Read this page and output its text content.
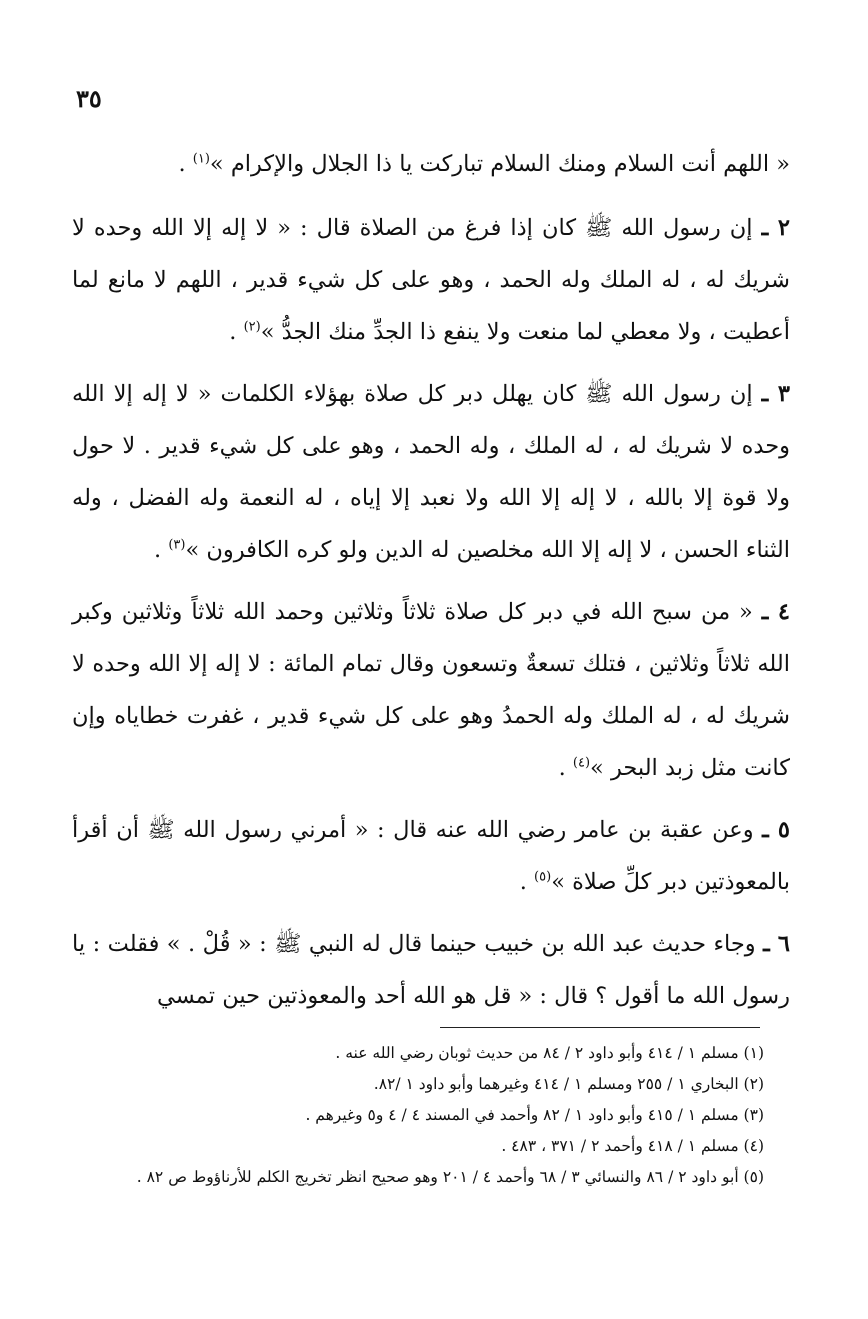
٣٥

« اللهم أنت السلام ومنك السلام تباركت يا ذا الجلال والإكرام »$^{(١)}$ .

٢ ـ إن رسول الله ﷺ كان إذا فرغ من الصلاة قال : « لا إله إلا الله وحده لا شريك له ، له الملك وله الحمد ، وهو على كل شيء قدير ، اللهم لا مانع لما أعطيت ، ولا معطي لما منعت ولا ينفع ذا الجدِّ منك الجدُّ »$^{(٢)}$ .

٣ ـ إن رسول الله ﷺ كان يهلل دبر كل صلاة بهؤلاء الكلمات « لا إله إلا الله وحده لا شريك له ، له الملك ، وله الحمد ، وهو على كل شيء قدير . لا حول ولا قوة إلا بالله ، لا إله إلا الله ولا نعبد إلا إياه ، له النعمة وله الفضل ، وله الثناء الحسن ، لا إله إلا الله مخلصين له الدين ولو كره الكافرون »$^{(٣)}$ .

٤ ـ « من سبح الله في دبر كل صلاة ثلاثاً وثلاثين وحمد الله ثلاثاً وثلاثين وكبر الله ثلاثاً وثلاثين ، فتلك تسعةٌ وتسعون وقال تمام المائة : لا إله إلا الله وحده لا شريك له ، له الملك وله الحمدُ وهو على كل شيء قدير ، غفرت خطاياه وإن كانت مثل زبد البحر »$^{(٤)}$ .

٥ ـ وعن عقبة بن عامر رضي الله عنه قال : « أمرني رسول الله ﷺ أن أقرأ بالمعوذتين دبر كلِّ صلاة »$^{(٥)}$ .

٦ ـ وجاء حديث عبد الله بن خبيب حينما قال له النبي ﷺ : « قُلْ . » فقلت : يا رسول الله ما أقول ؟ قال : « قل هو الله أحد والمعوذتين حين تمسي

(١) مسلم ١ / ٤١٤ وأبو داود ٢ / ٨٤ من حديث ثوبان رضي الله عنه .
(٢) البخاري ١ / ٢٥٥ ومسلم ١ / ٤١٤ وغيرهما وأبو داود ١ /٨٢.
(٣) مسلم ١ / ٤١٥ وأبو داود ١ / ٨٢ وأحمد في المسند ٤ / ٤ و٥ وغيرهم .
(٤) مسلم ١ / ٤١٨ وأحمد ٢ / ٣٧١ ، ٤٨٣ .
(٥) أبو داود ٢ / ٨٦ والنسائي ٣ / ٦٨ وأحمد ٤ / ٢٠١ وهو صحيح انظر تخريج الكلم للأرناؤوط ص ٨٢ .
